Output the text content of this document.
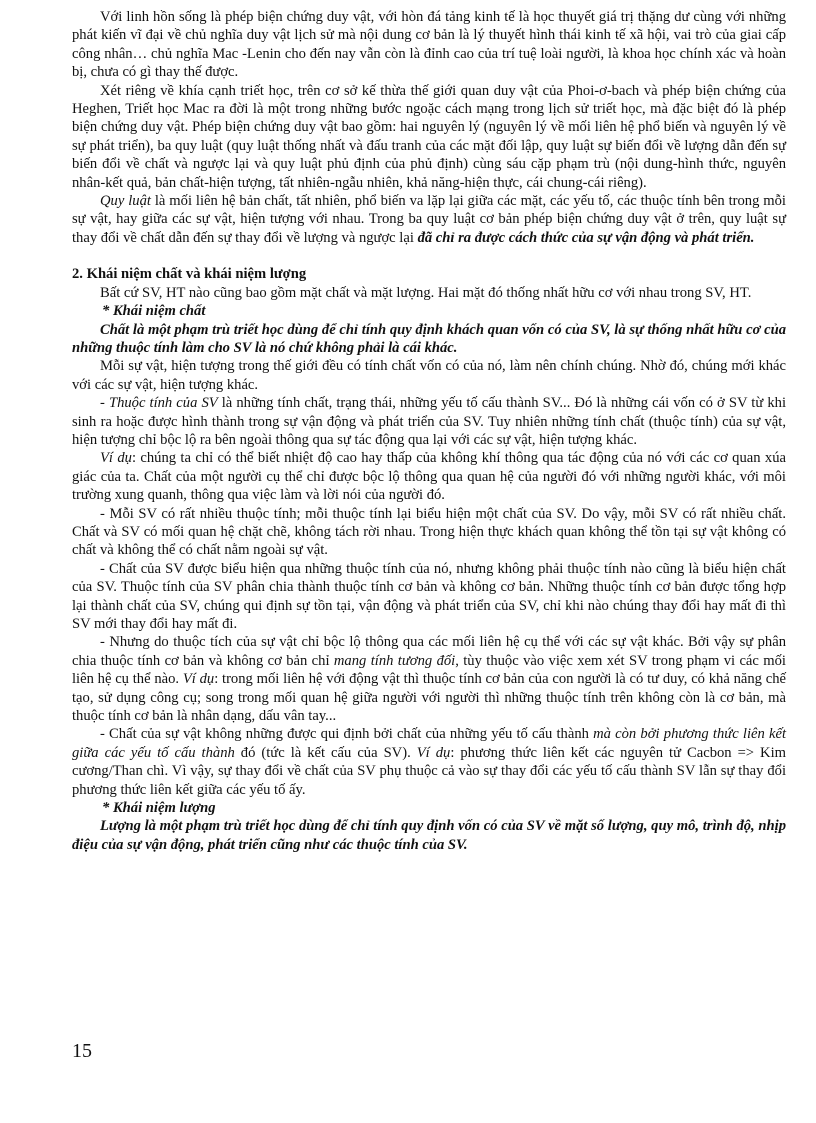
Với linh hồn sống là phép biện chứng duy vật, với hòn đá tảng kinh tế là học thuyết giá trị thặng dư cùng với những phát kiến vĩ đại về chủ nghĩa duy vật lịch sử mà nội dung cơ bản là lý thuyết hình thái kinh tế xã hội, vai trò của giai cấp công nhân… chủ nghĩa Mac -Lenin cho đến nay vẫn còn là đỉnh cao của trí tuệ loài người, là khoa học chính xác và hoàn bị, chưa có gì thay thế được.

Xét riêng về khía cạnh triết học, trên cơ sở kế thừa thế giới quan duy vật của Phoi-ơ-bach và phép biện chứng của Heghen, Triết học Mac ra đời là một trong những bước ngoặc cách mạng trong lịch sử triết học, mà đặc biệt đó là phép biện chứng duy vật. Phép biện chứng duy vật bao gồm: hai nguyên lý (nguyên lý về mối liên hệ phổ biến và nguyên lý về sự phát triển), ba quy luật (quy luật thống nhất và đấu tranh của các mặt đối lập, quy luật sự biến đổi về lượng dẫn đến sự biến đổi về chất và ngược lại và quy luật phủ định của phủ định) cùng sáu cặp phạm trù (nội dung-hình thức, nguyên nhân-kết quả, bản chất-hiện tượng, tất nhiên-ngẫu nhiên, khả năng-hiện thực, cái chung-cái riêng).

Quy luật là mối liên hệ bản chất, tất nhiên, phổ biến va lặp lại giữa các mặt, các yếu tố, các thuộc tính bên trong mỗi sự vật, hay giữa các sự vật, hiện tượng với nhau. Trong ba quy luật cơ bản phép biện chứng duy vật ở trên, quy luật sự thay đổi về chất dẫn đến sự thay đổi về lượng và ngược lại đã chỉ ra được cách thức của sự vận động và phát triển.

2. Khái niệm chất và khái niệm lượng

Bất cứ SV, HT nào cũng bao gồm mặt chất và mặt lượng. Hai mặt đó thống nhất hữu cơ với nhau trong SV, HT.

* Khái niệm chất

Chất là một phạm trù triết học dùng để chỉ tính quy định khách quan vốn có của SV, là sự thống nhất hữu cơ của những thuộc tính làm cho SV là nó chứ không phải là cái khác.

Mỗi sự vật, hiện tượng trong thế giới đều có tính chất vốn có của nó, làm nên chính chúng. Nhờ đó, chúng mới khác với các sự vật, hiện tượng khác.

- Thuộc tính của SV là những tính chất, trạng thái, những yếu tố cấu thành SV... Đó là những cái vốn có ở SV từ khi sinh ra hoặc được hình thành trong sự vận động và phát triển của SV. Tuy nhiên những tính chất (thuộc tính) của sự vật, hiện tượng chỉ bộc lộ ra bên ngoài thông qua sự tác động qua lại với các sự vật, hiện tượng khác.

Ví dụ: chúng ta chỉ có thể biết nhiệt độ cao hay thấp của không khí thông qua tác động của nó với các cơ quan xúa giác của ta. Chất của một người cụ thể chỉ được bộc lộ thông qua quan hệ của người đó với những người khác, với môi trường xung quanh, thông qua việc làm và lời nói của người đó.

- Mỗi SV có rất nhiều thuộc tính; mỗi thuộc tính lại biểu hiện một chất của SV. Do vậy, mỗi SV có rất nhiều chất. Chất và SV có mối quan hệ chặt chẽ, không tách rời nhau. Trong hiện thực khách quan không thể tồn tại sự vật không có chất và không thể có chất nằm ngoài sự vật.

- Chất của SV được biểu hiện qua những thuộc tính của nó, nhưng không phải thuộc tính nào cũng là biểu hiện chất của SV. Thuộc tính của SV phân chia thành thuộc tính cơ bản và không cơ bản. Những thuộc tính cơ bản được tổng hợp lại thành chất của SV, chúng qui định sự tồn tại, vận động và phát triển của SV, chỉ khi nào chúng thay đổi hay mất đi thì SV mới thay đổi hay mất đi.

- Nhưng do thuộc tích của sự vật chỉ bộc lộ thông qua các mối liên hệ cụ thể với các sự vật khác. Bởi vậy sự phân chia thuộc tính cơ bản và không cơ bản chỉ mang tính tương đối, tùy thuộc vào việc xem xét SV trong phạm vi các mối liên hệ cụ thể nào. Ví dụ: trong mối liên hệ với động vật thì thuộc tính cơ bản của con người là có tư duy, có khả năng chế tạo, sử dụng công cụ; song trong mối quan hệ giữa người với người thì những thuộc tính trên không còn là cơ bản, mà thuộc tính cơ bản là nhân dạng, dấu vân tay...

- Chất của sự vật không những được qui định bởi chất của những yếu tố cấu thành mà còn bởi phương thức liên kết giữa các yếu tố cấu thành đó (tức là kết cấu của SV). Ví dụ: phương thức liên kết các nguyên tử Cacbon => Kim cương/Than chì. Vì vậy, sự thay đổi về chất của SV phụ thuộc cả vào sự thay đổi các yếu tố cấu thành SV lẫn sự thay đổi phương thức liên kết giữa các yếu tố ấy.

* Khái niệm lượng

Lượng là một phạm trù triết học dùng để chỉ tính quy định vốn có của SV về mặt số lượng, quy mô, trình độ, nhịp điệu của sự vận động, phát triển cũng như các thuộc tính của SV.

15
